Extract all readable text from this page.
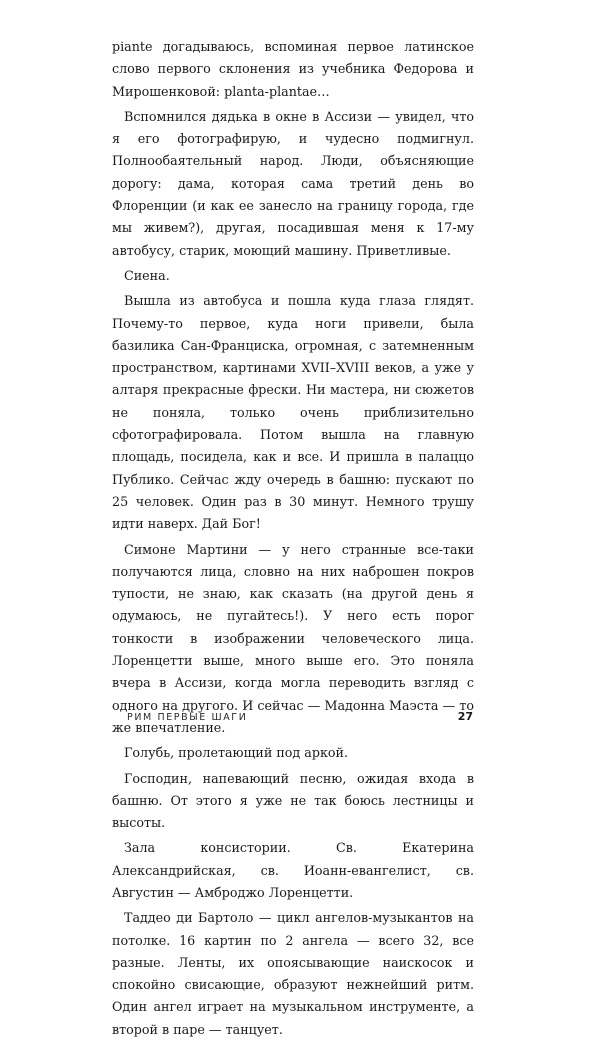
piante догадываюсь, вспоминая первое латинское слово первого склонения из учебника Федорова и Мирошенковой: planta-plantae…

Вспомнился дядька в окне в Ассизи — увидел, что я его фотографирую, и чудесно подмигнул. Полнообаятельный народ. Люди, объясняющие дорогу: дама, которая сама третий день во Флоренции (и как ее занесло на границу города, где мы живем?), другая, посадившая меня к 17-му автобусу, старик, моющий машину. Приветливые.

Сиена.

Вышла из автобуса и пошла куда глаза глядят. Почему-то первое, куда ноги привели, была базилика Сан-Франциска, огромная, с затемненным пространством, картинами XVII–XVIII веков, а уже у алтаря прекрасные фрески. Ни мастера, ни сюжетов не поняла, только очень приблизительно сфотографировала. Потом вышла на главную площадь, посидела, как и все. И пришла в палаццо Публико. Сейчас жду очередь в башню: пускают по 25 человек. Один раз в 30 минут. Немного трушу идти наверх. Дай Бог!

Симоне Мартини — у него странные все-таки получаются лица, словно на них наброшен покров тупости, не знаю, как сказать (на другой день я одумаюсь, не пугайтесь!). У него есть порог тонкости в изображении человеческого лица. Лоренцетти выше, много выше его. Это поняла вчера в Ассизи, когда могла переводить взгляд с одного на другого. И сейчас — Мадонна Маэста — то же впечатление.

Голубь, пролетающий под аркой.

Господин, напевающий песню, ожидая входа в башню. От этого я уже не так боюсь лестницы и высоты.

Зала консистории. Св. Екатерина Александрийская, св. Иоанн-евангелист, св. Августин — Амброджо Лоренцетти.

Таддео ди Бартоло — цикл ангелов-музыкантов на потолке. 16 картин по 2 ангела — всего 32, все разные. Ленты, их опоясывающие наискосок и спокойно свисающие, образуют нежнейший ритм. Один ангел играет на музыкальном инструменте, а второй в паре — танцует.

РИМ ПЕРВЫЕ ШАГИ	27
